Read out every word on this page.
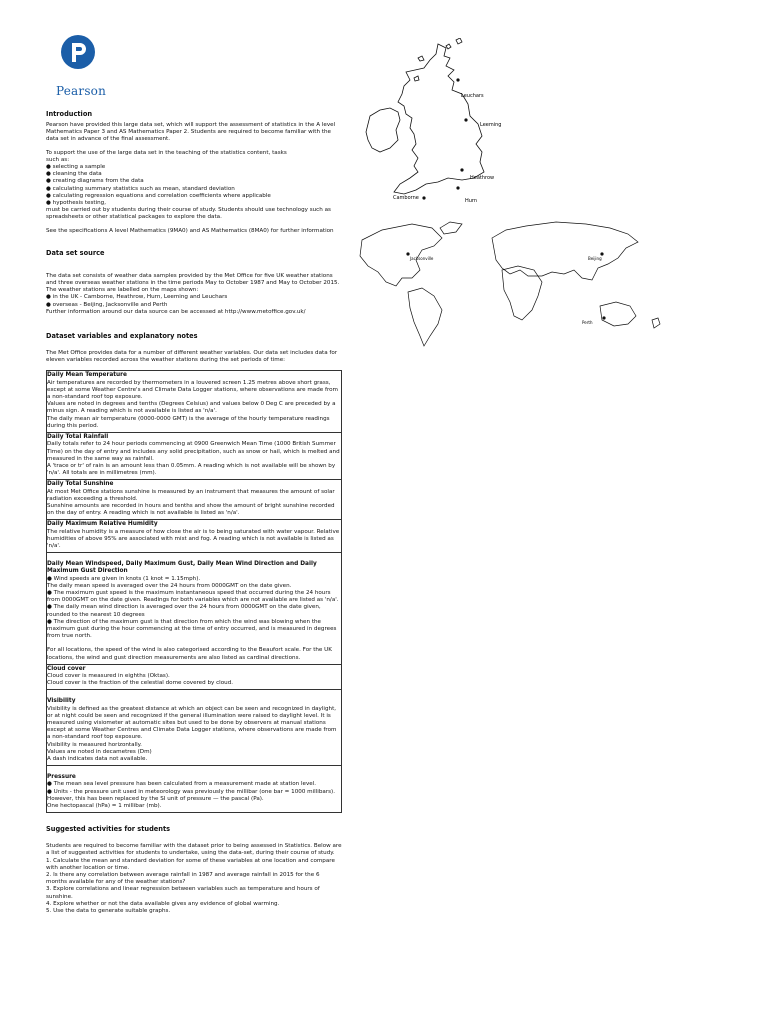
Pearson
Introduction

Pearson have provided this large data set, which will support the assessment of statistics in the A level Mathematics Paper 3 and AS Mathematics Paper 2. Students are required to become familiar with the data set in advance of the final assessment.

To support the use of the large data set in the teaching of the statistics content, tasks

such as:

● selecting a sample

● cleaning the data

● creating diagrams from the data

● calculating summary statistics such as mean, standard deviation

● calculating regression equations and correlation coefficients where applicable

● hypothesis testing,

must be carried out by students during their course of study. Students should use technology such as spreadsheets or other statistical packages to explore the data.

See the specifications A level Mathematics (9MA0) and AS Mathematics (8MA0) for further information

Data set source

The data set consists of weather data samples provided by the Met Office for five UK weather stations and three overseas weather stations in the time periods May to October 1987 and May to October 2015. The weather stations are labelled on the maps shown:

● in the UK - Camborne, Heathrow, Hurn, Leeming and Leuchars

● overseas - Beijing, Jacksonville and Perth

Further information around our data source can be accessed at http://www.metoffice.gov.uk/

Dataset variables and explanatory notes

The Met Office provides data for a number of different weather variables. Our data set includes data for eleven variables recorded across the weather stations during the set periods of time:

Daily Mean Temperature

Air temperatures are recorded by thermometers in a louvered screen 1.25 metres above short grass, except at some Weather Centre's and Climate Data Logger stations, where observations are made from a non-standard roof top exposure.

Values are noted in degrees and tenths (Degrees Celsius) and values below 0 Deg C are preceded by a minus sign. A reading which is not available is listed as 'n/a'.

The daily mean air temperature (0000-0000 GMT) is the average of the hourly temperature readings during this period.

Daily Total Rainfall

Daily totals refer to 24 hour periods commencing at 0900 Greenwich Mean Time (1000 British Summer Time) on the day of entry and includes any solid precipitation, such as snow or hail, which is melted and measured in the same way as rainfall.

A 'trace or tr' of rain is an amount less than 0.05mm. A reading which is not available will be shown by 'n/a'. All totals are in millimetres (mm).

Daily Total Sunshine

At most Met Office stations sunshine is measured by an instrument that measures the amount of solar radiation exceeding a threshold.

Sunshine amounts are recorded in hours and tenths and show the amount of bright sunshine recorded on the day of entry. A reading which is not available is listed as 'n/a'.

Daily Maximum Relative Humidity

The relative humidity is a measure of how close the air is to being saturated with water vapour. Relative humidities of above 95% are associated with mist and fog. A reading which is not available is listed as 'n/a'.

Daily Mean Windspeed, Daily Maximum Gust, Daily Mean Wind Direction and Daily Maximum Gust Direction

● Wind speeds are given in knots (1 knot = 1.15mph).

The daily mean speed is averaged over the 24 hours from 0000GMT on the date given.

● The maximum gust speed is the maximum instantaneous speed that occurred during the 24 hours from 0000GMT on the date given. Readings for both variables which are not available are listed as 'n/a'.

● The daily mean wind direction is averaged over the 24 hours from 0000GMT on the date given, rounded to the nearest 10 degrees

● The direction of the maximum gust is that direction from which the wind was blowing when the maximum gust during the hour commencing at the time of entry occurred, and is measured in degrees from true north.

For all locations, the speed of the wind is also categorised according to the Beaufort scale. For the UK locations, the wind and gust direction measurements are also listed as cardinal directions.

Cloud cover

Cloud cover is measured in eighths (Oktas).

Cloud cover is the fraction of the celestial dome covered by cloud.

Visibility

Visibility is defined as the greatest distance at which an object can be seen and recognized in daylight, or at night could be seen and recognized if the general illumination were raised to daylight level. It is measured using visiometer at automatic sites but used to be done by observers at manual stations except at some Weather Centres and Climate Data Logger stations, where observations are made from a non-standard roof top exposure.

Visibility is measured horizontally.

Values are noted in decametres (Dm)

A dash indicates data not available.

Pressure

● The mean sea level pressure has been calculated from a measurement made at station level.

● Units - the pressure unit used in meteorology was previously the millibar (one bar = 1000 millibars). However, this has been replaced by the SI unit of pressure — the pascal (Pa).

One hectopascal (hPa) = 1 millibar (mb).

Suggested activities for students

Students are required to become familiar with the dataset prior to being assessed in Statistics. Below are a list of suggested activities for students to undertake, using the data-set, during their course of study.

1. Calculate the mean and standard deviation for some of these variables at one location and compare with another location or time.

2. Is there any correlation between average rainfall in 1987 and average rainfall in 2015 for the 6 months available for any of the weather stations?

3. Explore correlations and linear regression between variables such as temperature and hours of sunshine.

4. Explore whether or not the data available gives any evidence of global warming.

5. Use the data to generate suitable graphs.

Leuchars
Leeming
Heathrow
Camborne	Hurn
Jacksonville	Beijing
Perth
